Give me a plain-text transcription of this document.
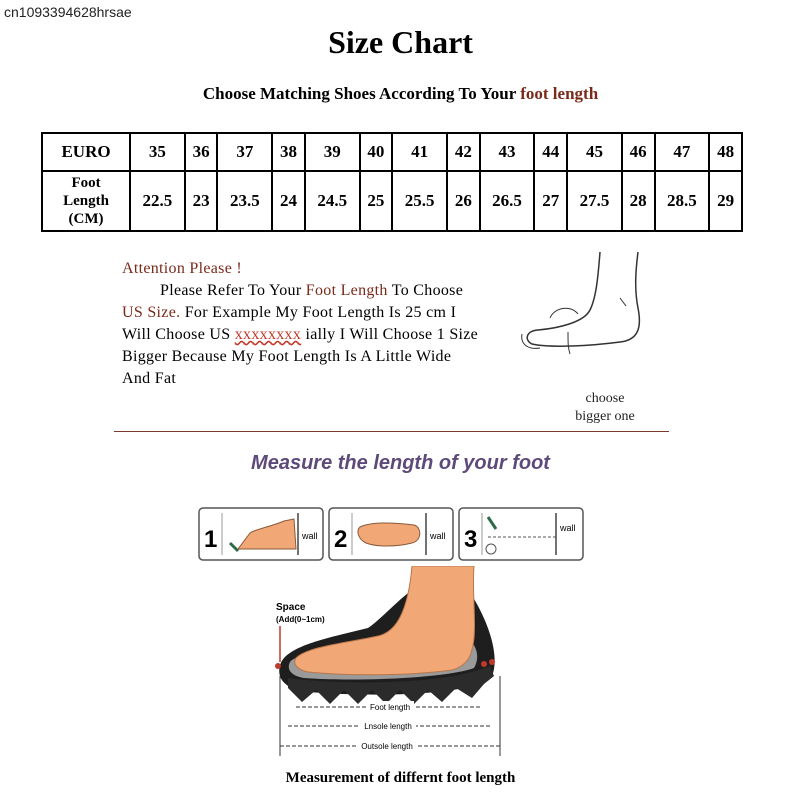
cn1093394628hrsae
Size Chart
Choose Matching Shoes According To Your foot length
EURO	35	36	37	38	39	40	41	42	43	44	45	46	47	48
Foot
Length
(CM)	22.5	23	23.5	24	24.5	25	25.5	26	26.5	27	27.5	28	28.5	29
Attention Please !
Please Refer To Your Foot Length To Choose
US Size. For Example My Foot Length Is 25 cm I
Will Choose US xxxxxxxx ially I Will Choose 1 Size
Bigger Because My Foot Length Is A Little Wide
And Fat
choose
bigger one
Measure the length of your foot
1	wall 2	wall 3	wall
Space
(Add(0~1cm)
Foot length
Lnsole length
Outsole length
Measurement of differnt foot length
